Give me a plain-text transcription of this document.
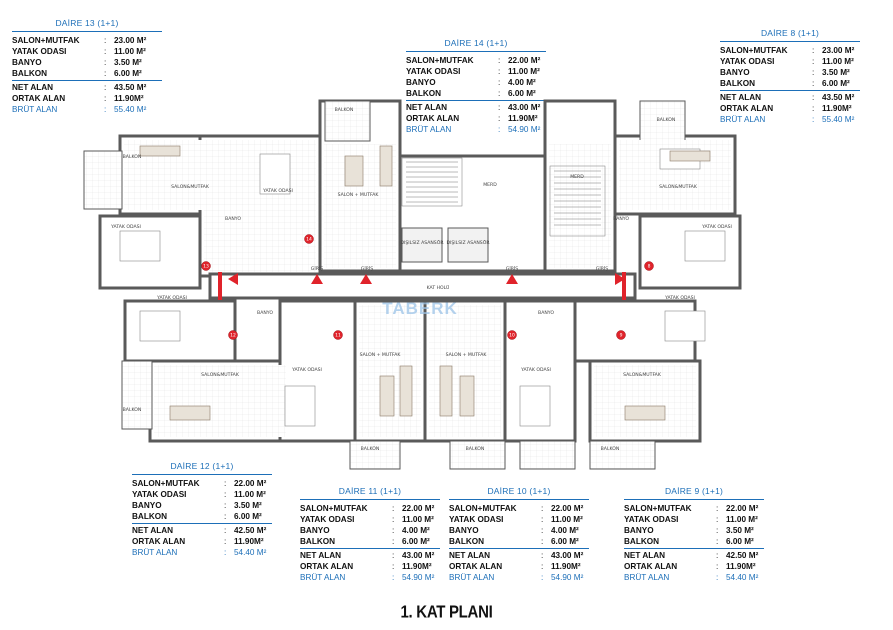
DAİRE 13 (1+1)
SALON+MUTFAK	: 23.00 M²
YATAK ODASI	: 11.00 M²
BANYO	: 3.50 M²
BALKON	: 6.00 M²
NET ALAN	: 43.50 M²
ORTAK ALAN	: 11.90M²
BRÜT ALAN	: 55.40 M²
DAİRE 14 (1+1)
SALON+MUTFAK	: 22.00 M²
YATAK ODASI	: 11.00 M²
BANYO	: 4.00 M²
BALKON	: 6.00 M²
NET ALAN	: 43.00 M²
ORTAK ALAN	: 11.90M²
BRÜT ALAN	: 54.90 M²
DAİRE 8 (1+1)
SALON+MUTFAK	: 23.00 M²
YATAK ODASI	: 11.00 M²
BANYO	: 3.50 M²
BALKON	: 6.00 M²
NET ALAN	: 43.50 M²
ORTAK ALAN	: 11.90M²
BRÜT ALAN	: 55.40 M²
DAİRE 12 (1+1)
SALON+MUTFAK	: 22.00 M²
YATAK ODASI	: 11.00 M²
BANYO	: 3.50 M²
BALKON	: 6.00 M²
NET ALAN	: 42.50 M²
ORTAK ALAN	: 11.90M²
BRÜT ALAN	: 54.40 M²
DAİRE 11 (1+1)
SALON+MUTFAK	: 22.00 M²
YATAK ODASI	: 11.00 M²
BANYO	: 4.00 M²
BALKON	: 6.00 M²
NET ALAN	: 43.00 M²
ORTAK ALAN	: 11.90M²
BRÜT ALAN	: 54.90 M²
DAİRE 10 (1+1)
SALON+MUTFAK	: 22.00 M²
YATAK ODASI	: 11.00 M²
BANYO	: 4.00 M²
BALKON	: 6.00 M²
NET ALAN	: 43.00 M²
ORTAK ALAN	: 11.90M²
BRÜT ALAN	: 54.90 M²
DAİRE 9 (1+1)
SALON+MUTFAK	: 22.00 M²
YATAK ODASI	: 11.00 M²
BANYO	: 3.50 M²
BALKON	: 6.00 M²
NET ALAN	: 42.50 M²
ORTAK ALAN	: 11.90M²
BRÜT ALAN	: 54.40 M²
BALKON
SALON&MUTFAK
YATAK ODASI
SALON + MUTFAK
YATAK ODASI
BANYO
BALKON
DIŞILSIZ ASANSÖR DIŞILSIZ ASANSÖR
MERD
MERD
BALKON
SALON&MUTFAK
YATAK ODASI
BANYO
KAT HOLÜ
GİRİŞ	GİRİŞ	GİRİŞ	GİRİŞ
YATAK ODASI
BANYO
SALON&MUTFAK
BALKON
YATAK ODASI
SALON + MUTFAK	SALON + MUTFAK
YATAK ODASI
BANYO
SALON&MUTFAK
YATAK ODASI
BALKON	BALKON	BALKON
TABERK
13
14
8
12	11	10	9
1. KAT PLANI
